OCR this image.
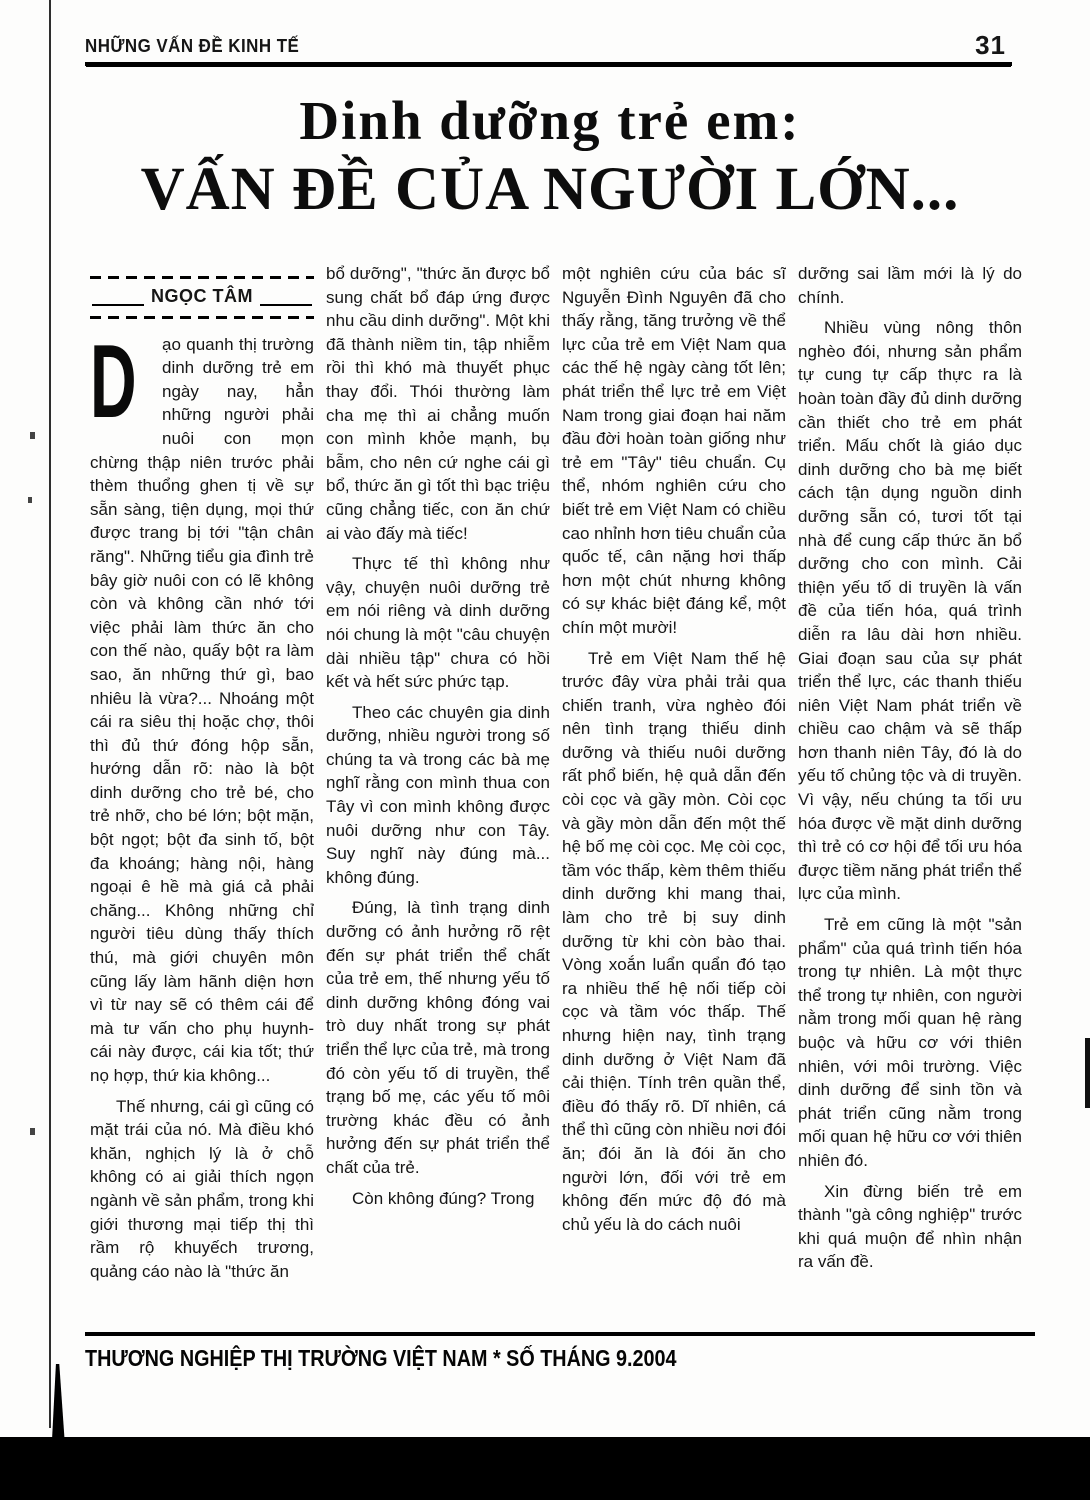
NHỮNG VẤN ĐỀ KINH TẾ	31
Dinh dưỡng trẻ em:
VẤN ĐỀ CỦA NGƯỜI LỚN...
NGỌC TÂM

D ạo quanh thị trường dinh dưỡng trẻ em ngày nay, hẳn những người phải nuôi con mọn chừng thập niên trước phải thèm thuổng ghen tị về sự sẵn sàng, tiện dụng, mọi thứ được trang bị tới "tận chân răng". Những tiểu gia đình trẻ bây giờ nuôi con có lẽ không còn và không cần nhớ tới việc phải làm thức ăn cho con thế nào, quấy bột ra làm sao, ăn những thứ gì, bao nhiêu là vừa?... Nhoáng một cái ra siêu thị hoặc chợ, thôi thì đủ thứ đóng hộp sẵn, hướng dẫn rõ: nào là bột dinh dưỡng cho trẻ bé, cho trẻ nhỡ, cho bé lớn; bột mặn, bột ngọt; bột đa sinh tố, bột đa khoáng; hàng nội, hàng ngoại ê hề mà giá cả phải chăng... Không những chỉ người tiêu dùng thấy thích thú, mà giới chuyên môn cũng lấy làm hãnh diện hơn vì từ nay sẽ có thêm cái để mà tư vấn cho phụ huynh- cái này được, cái kia tốt; thứ nọ hợp, thứ kia không...

Thế nhưng, cái gì cũng có mặt trái của nó. Mà điều khó khăn, nghịch lý là ở chỗ không có ai giải thích ngọn ngành về sản phẩm, trong khi giới thương mại tiếp thị thì rầm rộ khuyếch trương, quảng cáo nào là "thức ăn

bổ dưỡng", "thức ăn được bổ sung chất bổ đáp ứng được nhu cầu dinh dưỡng". Một khi đã thành niềm tin, tập nhiễm rồi thì khó mà thuyết phục thay đổi. Thói thường làm cha mẹ thì ai chẳng muốn con mình khỏe mạnh, bụ bẫm, cho nên cứ nghe cái gì bổ, thức ăn gì tốt thì bạc triệu cũng chẳng tiếc, con ăn chứ ai vào đấy mà tiếc!

Thực tế thì không như vậy, chuyện nuôi dưỡng trẻ em nói riêng và dinh dưỡng nói chung là một "câu chuyện dài nhiều tập" chưa có hồi kết và hết sức phức tạp.

Theo các chuyên gia dinh dưỡng, nhiều người trong số chúng ta và trong các bà mẹ nghĩ rằng con mình thua con Tây vì con mình không được nuôi dưỡng như con Tây. Suy nghĩ này đúng mà... không đúng.

Đúng, là tình trạng dinh dưỡng có ảnh hưởng rõ rệt đến sự phát triển thể chất của trẻ em, thế nhưng yếu tố dinh dưỡng không đóng vai trò duy nhất trong sự phát triển thể lực của trẻ, mà trong đó còn yếu tố di truyền, thể trạng bố mẹ, các yếu tố môi trường khác đều có ảnh hưởng đến sự phát triển thể chất của trẻ.

Còn không đúng? Trong

một nghiên cứu của bác sĩ Nguyễn Đình Nguyên đã cho thấy rằng, tăng trưởng về thể lực của trẻ em Việt Nam qua các thế hệ ngày càng tốt lên; phát triển thể lực trẻ em Việt Nam trong giai đoạn hai năm đầu đời hoàn toàn giống như trẻ em "Tây" tiêu chuẩn. Cụ thể, nhóm nghiên cứu cho biết trẻ em Việt Nam có chiều cao nhỉnh hơn tiêu chuẩn của quốc tế, cân nặng hơi thấp hơn một chút nhưng không có sự khác biệt đáng kể, một chín một mười!

Trẻ em Việt Nam thế hệ trước đây vừa phải trải qua chiến tranh, vừa nghèo đói nên tình trạng thiếu dinh dưỡng và thiếu nuôi dưỡng rất phổ biến, hệ quả dẫn đến còi cọc và gầy mòn. Còi cọc và gầy mòn dẫn đến một thế hệ bố mẹ còi cọc. Mẹ còi cọc, tầm vóc thấp, kèm thêm thiếu dinh dưỡng khi mang thai, làm cho trẻ bị suy dinh dưỡng từ khi còn bào thai. Vòng xoắn luẩn quẩn đó tạo ra nhiều thế hệ nối tiếp còi cọc và tầm vóc thấp. Thế nhưng hiện nay, tình trạng dinh dưỡng ở Việt Nam đã cải thiện. Tính trên quần thể, điều đó thấy rõ. Dĩ nhiên, cá thể thì cũng còn nhiều nơi đói ăn; đói ăn là đói ăn cho người lớn, đối với trẻ em không đến mức độ đó mà chủ yếu là do cách nuôi

dưỡng sai lầm mới là lý do chính.

Nhiều vùng nông thôn nghèo đói, nhưng sản phẩm tự cung tự cấp thực ra là hoàn toàn đầy đủ dinh dưỡng cần thiết cho trẻ em phát triển. Mấu chốt là giáo dục dinh dưỡng cho bà mẹ biết cách tận dụng nguồn dinh dưỡng sẵn có, tươi tốt tại nhà để cung cấp thức ăn bổ dưỡng cho con mình. Cải thiện yếu tố di truyền là vấn đề của tiến hóa, quá trình diễn ra lâu dài hơn nhiều. Giai đoạn sau của sự phát triển thể lực, các thanh thiếu niên Việt Nam phát triển về chiều cao chậm và sẽ thấp hơn thanh niên Tây, đó là do yếu tố chủng tộc và di truyền. Vì vậy, nếu chúng ta tối ưu hóa được về mặt dinh dưỡng thì trẻ có cơ hội để tối ưu hóa được tiềm năng phát triển thể lực của mình.

Trẻ em cũng là một "sản phẩm" của quá trình tiến hóa trong tự nhiên. Là một thực thể trong tự nhiên, con người nằm trong mối quan hệ ràng buộc và hữu cơ với thiên nhiên, với môi trường. Việc dinh dưỡng để sinh tồn và phát triển cũng nằm trong mối quan hệ hữu cơ với thiên nhiên đó.

Xin đừng biến trẻ em thành "gà công nghiệp" trước khi quá muộn để nhìn nhận ra vấn đề.

THƯƠNG NGHIỆP THỊ TRƯỜNG VIỆT NAM * SỐ THÁNG 9.2004
